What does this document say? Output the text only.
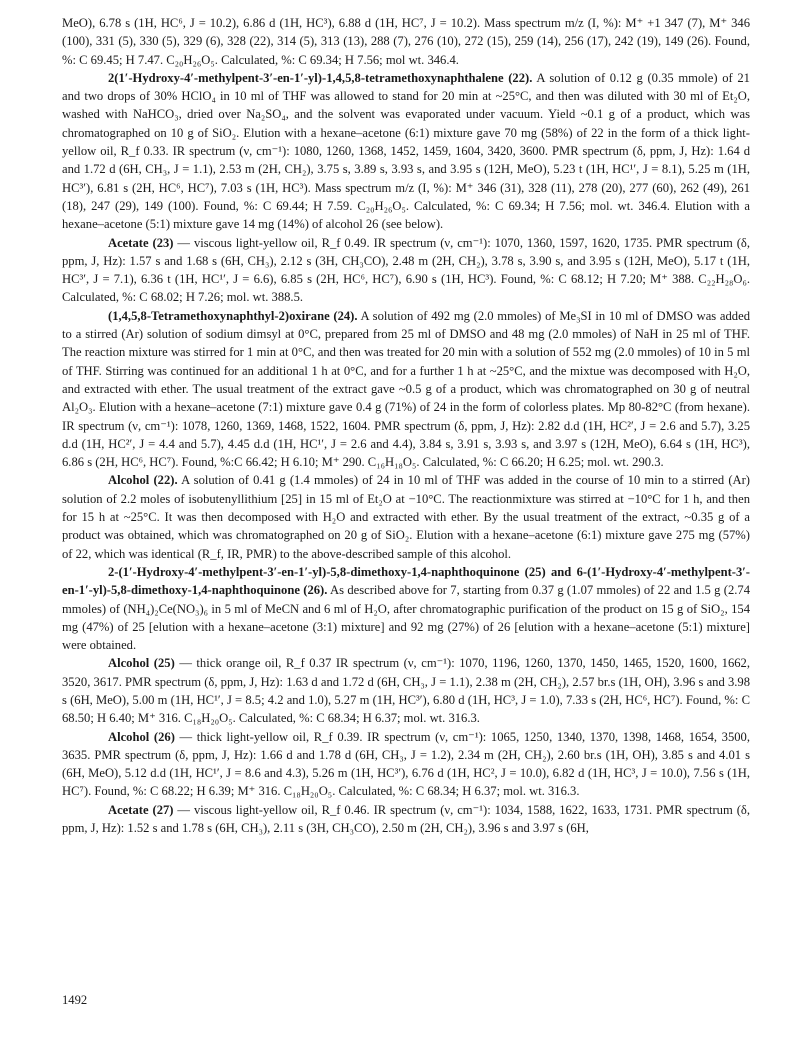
MeO), 6.78 s (1H, HC⁶, J = 10.2), 6.86 d (1H, HC³), 6.88 d (1H, HC⁷, J = 10.2). Mass spectrum m/z (I, %): M⁺ +1 347 (7), M⁺ 346 (100), 331 (5), 330 (5), 329 (6), 328 (22), 314 (5), 313 (13), 288 (7), 276 (10), 272 (15), 259 (14), 256 (17), 242 (19), 149 (26). Found, %: C 69.45; H 7.47. C₂₀H₂₆O₅. Calculated, %: C 69.34; H 7.56; mol wt. 346.4.

2(1′-Hydroxy-4′-methylpent-3′-en-1′-yl)-1,4,5,8-tetramethoxynaphthalene (22). A solution of 0.12 g (0.35 mmole) of 21 and two drops of 30% HClO₄ in 10 ml of THF was allowed to stand for 20 min at ~25°C, and then was diluted with 30 ml of Et₂O, washed with NaHCO₃, dried over Na₂SO₄, and the solvent was evaporated under vacuum. Yield ~0.1 g of a product, which was chromatographed on 10 g of SiO₂. Elution with a hexane–acetone (6:1) mixture gave 70 mg (58%) of 22 in the form of a thick light-yellow oil, R_f 0.33. IR spectrum (ν, cm⁻¹): 1080, 1260, 1368, 1452, 1459, 1604, 3420, 3600. PMR spectrum (δ, ppm, J, Hz): 1.64 d and 1.72 d (6H, CH₃, J = 1.1), 2.53 m (2H, CH₂), 3.75 s, 3.89 s, 3.93 s, and 3.95 s (12H, MeO), 5.23 t (1H, HC¹′, J = 8.1), 5.25 m (1H, HC³′), 6.81 s (2H, HC⁶, HC⁷), 7.03 s (1H, HC³). Mass spectrum m/z (I, %): M⁺ 346 (31), 328 (11), 278 (20), 277 (60), 262 (49), 261 (18), 247 (29), 149 (100). Found, %: C 69.44; H 7.59. C₂₀H₂₆O₅. Calculated, %: C 69.34; H 7.56; mol. wt. 346.4. Elution with a hexane–acetone (5:1) mixture gave 14 mg (14%) of alcohol 26 (see below).

Acetate (23) — viscous light-yellow oil, R_f 0.49. IR spectrum (ν, cm⁻¹): 1070, 1360, 1597, 1620, 1735. PMR spectrum (δ, ppm, J, Hz): 1.57 s and 1.68 s (6H, CH₃), 2.12 s (3H, CH₃CO), 2.48 m (2H, CH₂), 3.78 s, 3.90 s, and 3.95 s (12H, MeO), 5.17 t (1H, HC³′, J = 7.1), 6.36 t (1H, HC¹′, J = 6.6), 6.85 s (2H, HC⁶, HC⁷), 6.90 s (1H, HC³). Found, %: C 68.12; H 7.20; M⁺ 388. C₂₂H₂₈O₆. Calculated, %: C 68.02; H 7.26; mol. wt. 388.5.

(1,4,5,8-Tetramethoxynaphthyl-2)oxirane (24). A solution of 492 mg (2.0 mmoles) of Me₃SI in 10 ml of DMSO was added to a stirred (Ar) solution of sodium dimsyl at 0°C, prepared from 25 ml of DMSO and 48 mg (2.0 mmoles) of NaH in 25 ml of THF. The reaction mixture was stirred for 1 min at 0°C, and then was treated for 20 min with a solution of 552 mg (2.0 mmoles) of 10 in 5 ml of THF. Stirring was continued for an additional 1 h at 0°C, and for a further 1 h at ~25°C, and the mixtue was decomposed with H₂O, and extracted with ether. The usual treatment of the extract gave ~0.5 g of a product, which was chromatographed on 30 g of neutral Al₂O₃. Elution with a hexane–acetone (7:1) mixture gave 0.4 g (71%) of 24 in the form of colorless plates. Mp 80-82°C (from hexane). IR spectrum (ν, cm⁻¹): 1078, 1260, 1369, 1468, 1522, 1604. PMR spectrum (δ, ppm, J, Hz): 2.82 d.d (1H, HC²′, J = 2.6 and 5.7), 3.25 d.d (1H, HC²′, J = 4.4 and 5.7), 4.45 d.d (1H, HC¹′, J = 2.6 and 4.4), 3.84 s, 3.91 s, 3.93 s, and 3.97 s (12H, MeO), 6.64 s (1H, HC³), 6.86 s (2H, HC⁶, HC⁷). Found, %:C 66.42; H 6.10; M⁺ 290. C₁₆H₁₈O₅. Calculated, %: C 66.20; H 6.25; mol. wt. 290.3.

Alcohol (22). A solution of 0.41 g (1.4 mmoles) of 24 in 10 ml of THF was added in the course of 10 min to a stirred (Ar) solution of 2.2 moles of isobutenyllithium [25] in 15 ml of Et₂O at −10°C. The reactionmixture was stirred at −10°C for 1 h, and then for 15 h at ~25°C. It was then decomposed with H₂O and extracted with ether. By the usual treatment of the extract, ~0.35 g of a product was obtained, which was chromatographed on 20 g of SiO₂. Elution with a hexane–acetone (6:1) mixture gave 275 mg (57%) of 22, which was identical (R_f, IR, PMR) to the above-described sample of this alcohol.

2-(1′-Hydroxy-4′-methylpent-3′-en-1′-yl)-5,8-dimethoxy-1,4-naphthoquinone (25) and 6-(1′-Hydroxy-4′-methylpent-3′-en-1′-yl)-5,8-dimethoxy-1,4-naphthoquinone (26). As described above for 7, starting from 0.37 g (1.07 mmoles) of 22 and 1.5 g (2.74 mmoles) of (NH₄)₂Ce(NO₃)₆ in 5 ml of MeCN and 6 ml of H₂O, after chromatographic purification of the product on 15 g of SiO₂, 154 mg (47%) of 25 [elution with a hexane–acetone (3:1) mixture] and 92 mg (27%) of 26 [elution with a hexane–acetone (5:1) mixture] were obtained.

Alcohol (25) — thick orange oil, R_f 0.37 IR spectrum (ν, cm⁻¹): 1070, 1196, 1260, 1370, 1450, 1465, 1520, 1600, 1662, 3520, 3617. PMR spectrum (δ, ppm, J, Hz): 1.63 d and 1.72 d (6H, CH₃, J = 1.1), 2.38 m (2H, CH₂), 2.57 br.s (1H, OH), 3.96 s and 3.98 s (6H, MeO), 5.00 m (1H, HC¹′, J = 8.5; 4.2 and 1.0), 5.27 m (1H, HC³′), 6.80 d (1H, HC³, J = 1.0), 7.33 s (2H, HC⁶, HC⁷). Found, %: C 68.50; H 6.40; M⁺ 316. C₁₈H₂₀O₅. Calculated, %: C 68.34; H 6.37; mol. wt. 316.3.

Alcohol (26) — thick light-yellow oil, R_f 0.39. IR spectrum (ν, cm⁻¹): 1065, 1250, 1340, 1370, 1398, 1468, 1654, 3500, 3635. PMR spectrum (δ, ppm, J, Hz): 1.66 d and 1.78 d (6H, CH₃, J = 1.2), 2.34 m (2H, CH₂), 2.60 br.s (1H, OH), 3.85 s and 4.01 s (6H, MeO), 5.12 d.d (1H, HC¹′, J = 8.6 and 4.3), 5.26 m (1H, HC³′), 6.76 d (1H, HC², J = 10.0), 6.82 d (1H, HC³, J = 10.0), 7.56 s (1H, HC⁷). Found, %: C 68.22; H 6.39; M⁺ 316. C₁₈H₂₀O₅. Calculated, %: C 68.34; H 6.37; mol. wt. 316.3.

Acetate (27) — viscous light-yellow oil, R_f 0.46. IR spectrum (ν, cm⁻¹): 1034, 1588, 1622, 1633, 1731. PMR spectrum (δ, ppm, J, Hz): 1.52 s and 1.78 s (6H, CH₃), 2.11 s (3H, CH₃CO), 2.50 m (2H, CH₂), 3.96 s and 3.97 s (6H,

1492
